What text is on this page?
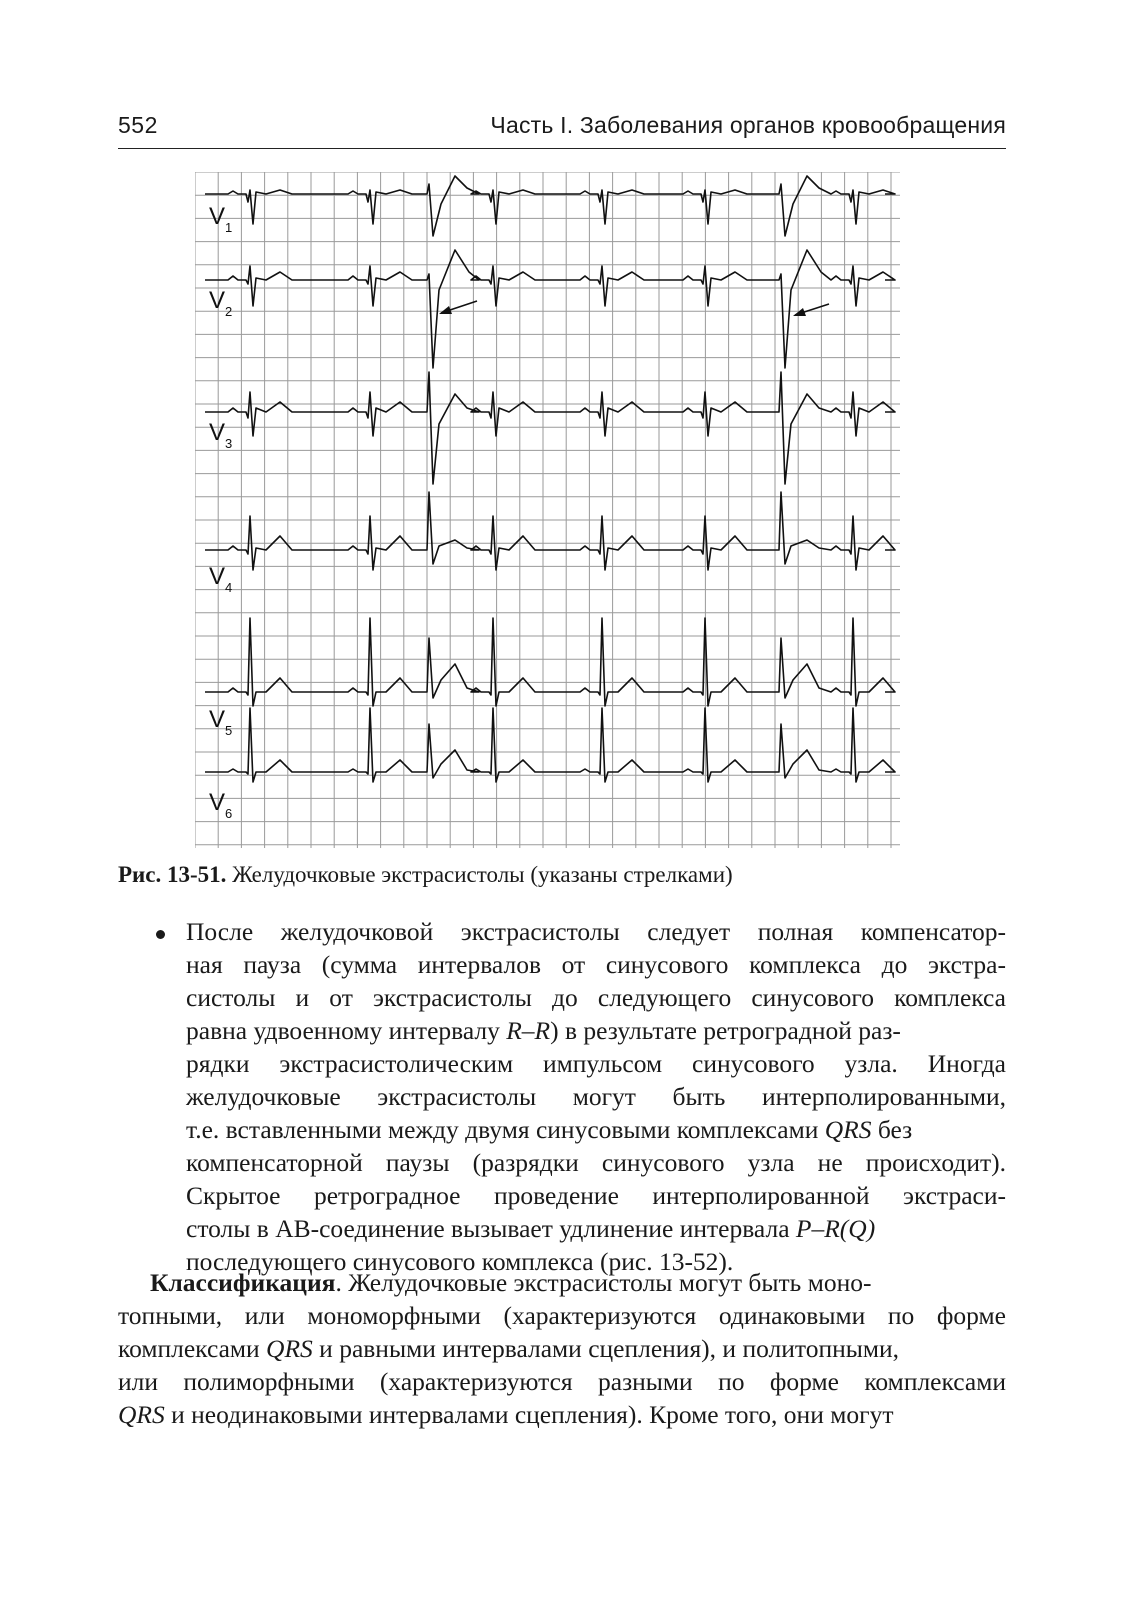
552	Часть I. Заболевания органов кровообращения
$V_1$
$V_2$
$V_3$
$V_4$
$V_5$
$V_6$
Рис. 13-51. Желудочковые экстрасистолы (указаны стрелками)
После желудочковой экстрасистолы следует полная компенсатор-
ная пауза (сумма интервалов от синусового комплекса до экстра-
систолы и от экстрасистолы до следующего синусового комплекса
равна удвоенному интервалу R–R) в результате ретроградной раз-
рядки экстрасистолическим импульсом синусового узла. Иногда
желудочковые экстрасистолы могут быть интерполированными,
т.е. вставленными между двумя синусовыми комплексами QRS без
компенсаторной паузы (разрядки синусового узла не происходит).
Скрытое ретроградное проведение интерполированной экстраси-
столы в АВ-соединение вызывает удлинение интервала P–R(Q)
последующего синусового комплекса (рис. 13-52).
Классификация. Желудочковые экстрасистолы могут быть моно-
топными, или мономорфными (характеризуются одинаковыми по форме
комплексами QRS и равными интервалами сцепления), и политопными,
или полиморфными (характеризуются разными по форме комплексами
QRS и неодинаковыми интервалами сцепления). Кроме того, они могут
